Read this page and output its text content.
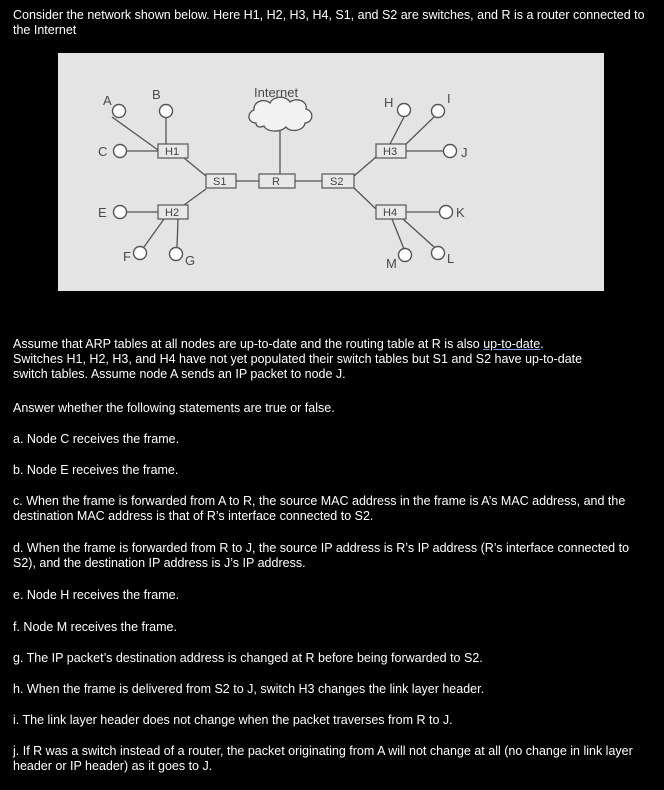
Consider the network shown below. Here H1, H2, H3, H4, S1, and S2 are switches, and R is a router connected to the Internet
Internet
H1
H2
S1	R	S2
H3
H4
A	B
C
E
F	G
H	I
J
K
L
M
Assume that ARP tables at all nodes are up-to-date and the routing table at R is also up-to-date.
Switches H1, H2, H3, and H4 have not yet populated their switch tables but S1 and S2 have up-to-date
switch tables. Assume node A sends an IP packet to node J.
Answer whether the following statements are true or false.
a. Node C receives the frame.
b. Node E receives the frame.
c. When the frame is forwarded from A to R, the source MAC address in the frame is A’s MAC address, and the destination MAC address is that of R’s interface connected to S2.
d. When the frame is forwarded from R to J, the source IP address is R’s IP address (R’s interface connected to S2), and the destination IP address is J’s IP address.
e. Node H receives the frame.
f. Node M receives the frame.
g. The IP packet’s destination address is changed at R before being forwarded to S2.
h. When the frame is delivered from S2 to J, switch H3 changes the link layer header.
i. The link layer header does not change when the packet traverses from R to J.
j. If R was a switch instead of a router, the packet originating from A will not change at all (no change in link layer header or IP header) as it goes to J.
